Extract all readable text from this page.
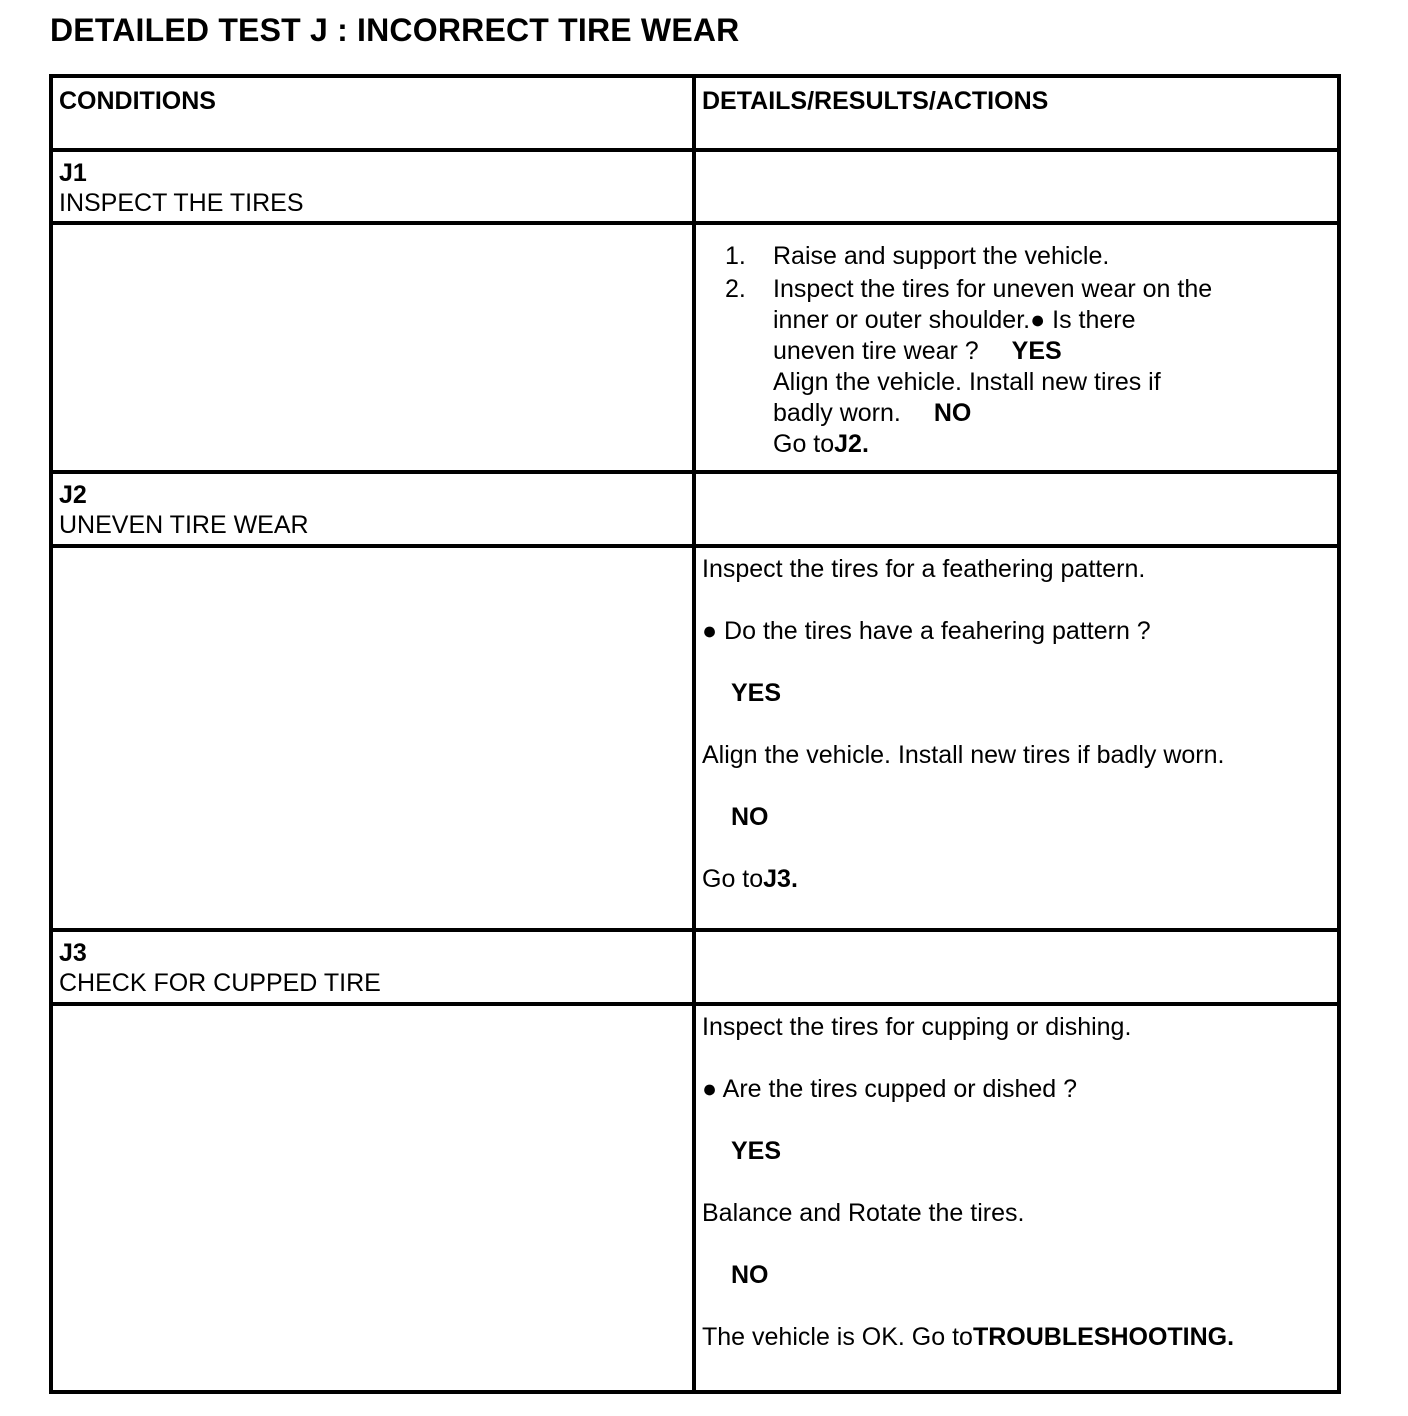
DETAILED TEST J : INCORRECT TIRE WEAR
CONDITIONS	DETAILS/RESULTS/ACTIONS
J1
INSPECT THE TIRES
1. Raise and support the vehicle.
2. Inspect the tires for uneven wear on the
inner or outer shoulder.● Is there
uneven tire wear ? YES
Align the vehicle. Install new tires if
badly worn. NO
Go toJ2.
J2
UNEVEN TIRE WEAR

Inspect the tires for a feathering pattern.

● Do the tires have a feahering pattern ?

YES

Align the vehicle. Install new tires if badly worn.

NO

Go toJ3.

J3
CHECK FOR CUPPED TIRE

Inspect the tires for cupping or dishing.

● Are the tires cupped or dished ?

YES

Balance and Rotate the tires.

NO

The vehicle is OK. Go toTROUBLESHOOTING.
